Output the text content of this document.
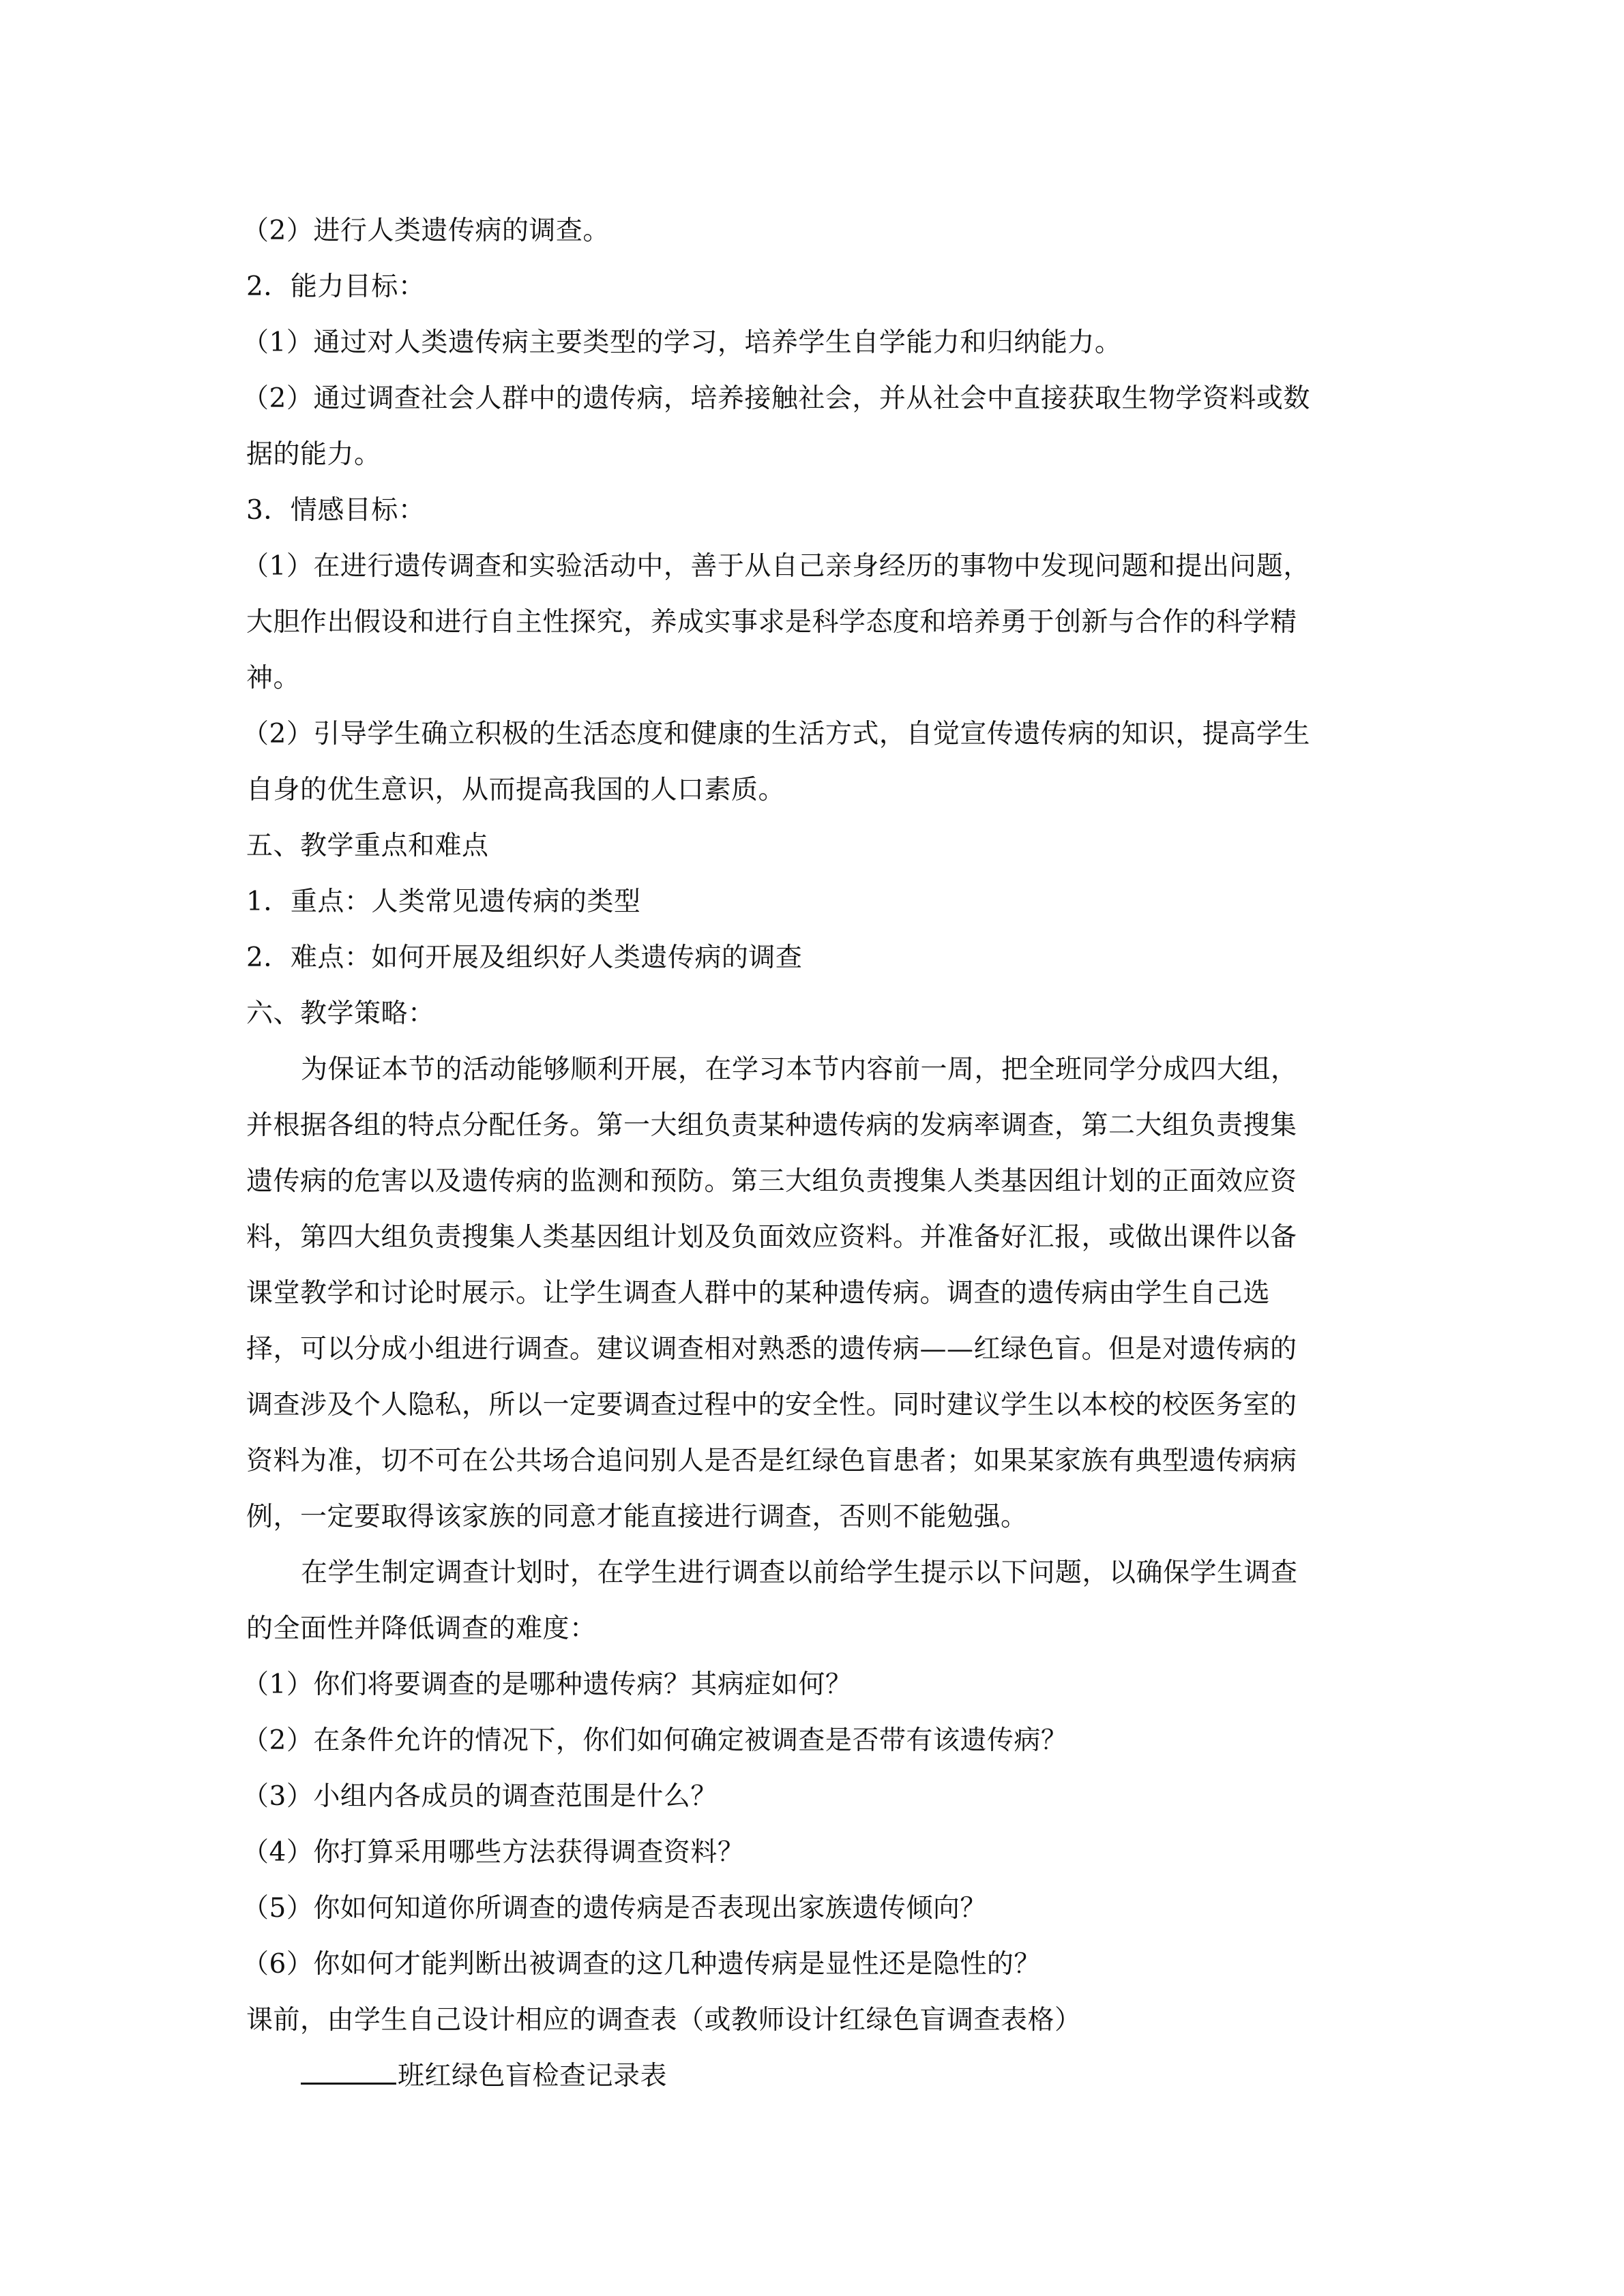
（2）进行人类遗传病的调查。
2．能力目标：
（1）通过对人类遗传病主要类型的学习，培养学生自学能力和归纳能力。
（2）通过调查社会人群中的遗传病，培养接触社会，并从社会中直接获取生物学资料或数
据的能力。
3．情感目标：
（1）在进行遗传调查和实验活动中，善于从自己亲身经历的事物中发现问题和提出问题，
大胆作出假设和进行自主性探究，养成实事求是科学态度和培养勇于创新与合作的科学精
神。
（2）引导学生确立积极的生活态度和健康的生活方式，自觉宣传遗传病的知识，提高学生
自身的优生意识，从而提高我国的人口素质。
五、教学重点和难点
1．重点：人类常见遗传病的类型
2．难点：如何开展及组织好人类遗传病的调查
六、教学策略：
为保证本节的活动能够顺利开展，在学习本节内容前一周，把全班同学分成四大组，
并根据各组的特点分配任务。第一大组负责某种遗传病的发病率调查，第二大组负责搜集
遗传病的危害以及遗传病的监测和预防。第三大组负责搜集人类基因组计划的正面效应资
料，第四大组负责搜集人类基因组计划及负面效应资料。并准备好汇报，或做出课件以备
课堂教学和讨论时展示。让学生调查人群中的某种遗传病。调查的遗传病由学生自己选
择，可以分成小组进行调查。建议调查相对熟悉的遗传病——红绿色盲。但是对遗传病的
调查涉及个人隐私，所以一定要调查过程中的安全性。同时建议学生以本校的校医务室的
资料为准，切不可在公共场合追问别人是否是红绿色盲患者；如果某家族有典型遗传病病
例，一定要取得该家族的同意才能直接进行调查，否则不能勉强。
在学生制定调查计划时，在学生进行调查以前给学生提示以下问题，以确保学生调查
的全面性并降低调查的难度：
（1）你们将要调查的是哪种遗传病？其病症如何？
（2）在条件允许的情况下，你们如何确定被调查是否带有该遗传病？
（3）小组内各成员的调查范围是什么？
（4）你打算采用哪些方法获得调查资料？
（5）你如何知道你所调查的遗传病是否表现出家族遗传倾向？
（6）你如何才能判断出被调查的这几种遗传病是显性还是隐性的？
课前，由学生自己设计相应的调查表（或教师设计红绿色盲调查表格）
班红绿色盲检查记录表
